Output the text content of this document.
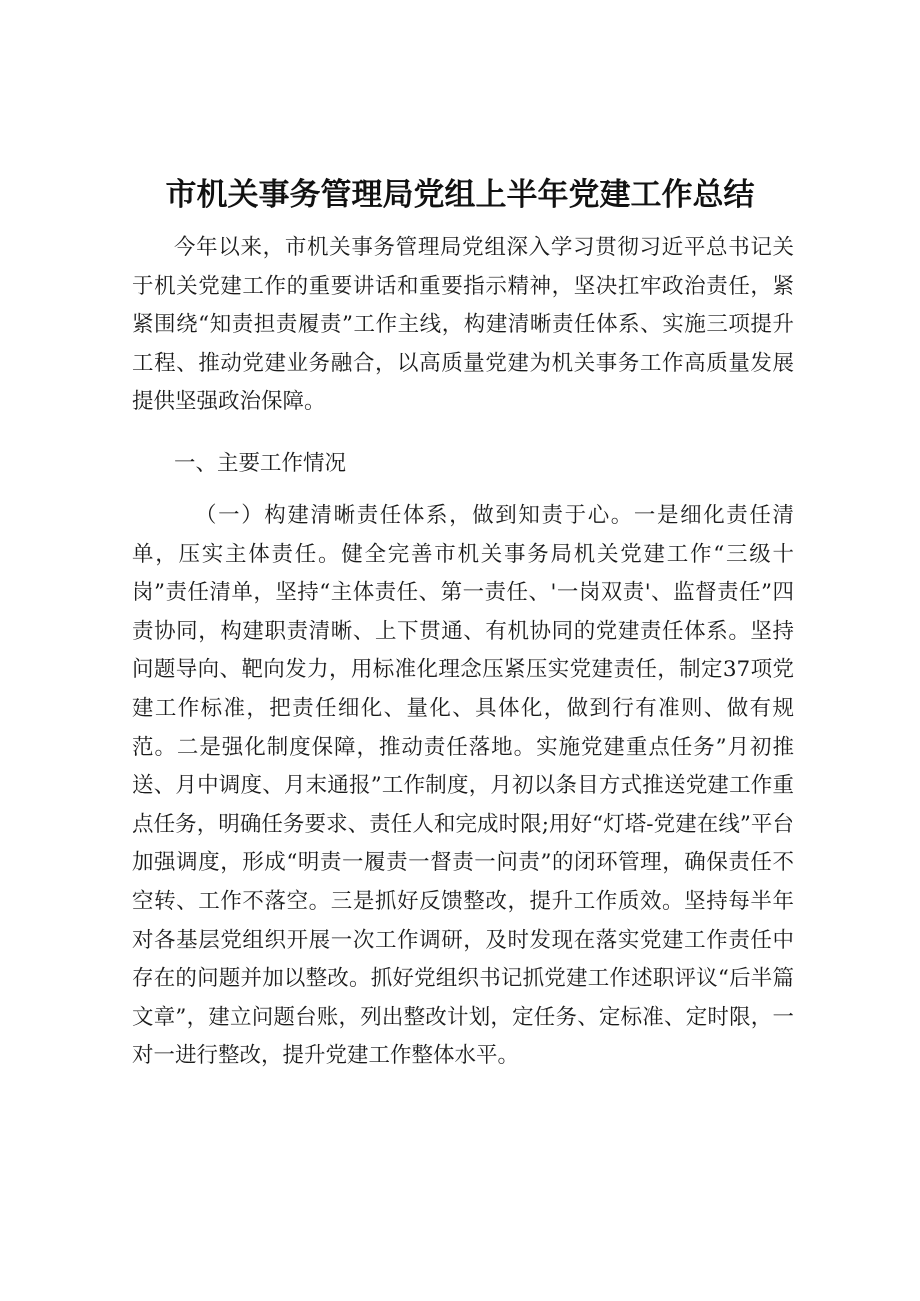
市机关事务管理局党组上半年党建工作总结

今年以来，市机关事务管理局党组深入学习贯彻习近平总书记关于机关党建工作的重要讲话和重要指示精神，坚决扛牢政治责任，紧紧围绕“知责担责履责”工作主线，构建清晰责任体系、实施三项提升工程、推动党建业务融合，以高质量党建为机关事务工作高质量发展提供坚强政治保障。

一、主要工作情况

（一）构建清晰责任体系，做到知责于心。一是细化责任清单，压实主体责任。健全完善市机关事务局机关党建工作“三级十岗”责任清单，坚持“主体责任、第一责任、'一岗双责'、监督责任”四责协同，构建职责清晰、上下贯通、有机协同的党建责任体系。坚持问题导向、靶向发力，用标准化理念压紧压实党建责任，制定37项党建工作标准，把责任细化、量化、具体化，做到行有准则、做有规范。二是强化制度保障，推动责任落地。实施党建重点任务”月初推送、月中调度、月末通报”工作制度，月初以条目方式推送党建工作重点任务，明确任务要求、责任人和完成时限;用好“灯塔-党建在线”平台加强调度，形成“明责一履责一督责一问责”的闭环管理，确保责任不空转、工作不落空。三是抓好反馈整改，提升工作质效。坚持每半年对各基层党组织开展一次工作调研，及时发现在落实党建工作责任中存在的问题并加以整改。抓好党组织书记抓党建工作述职评议“后半篇文章”，建立问题台账，列出整改计划，定任务、定标准、定时限，一对一进行整改，提升党建工作整体水平。
